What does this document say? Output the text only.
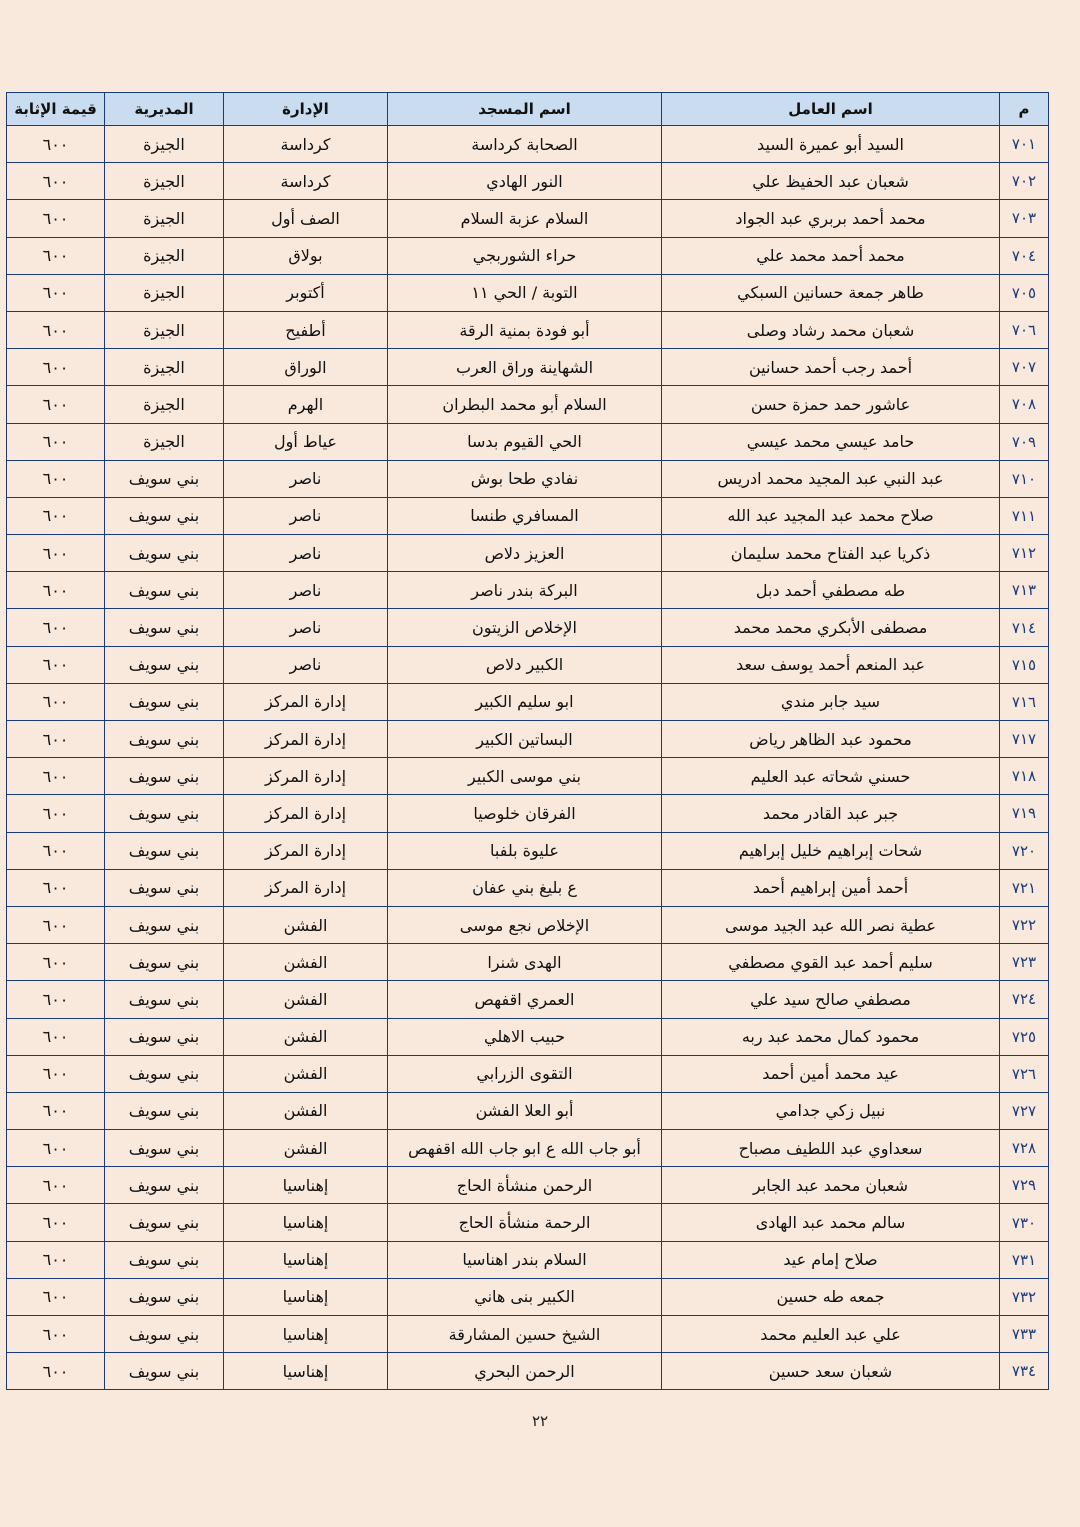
م	اسم العامل	اسم المسجد	الإدارة	المديرية	قيمة الإثابة
٧٠١	السيد أبو عميرة السيد	الصحابة كرداسة	كرداسة	الجيزة	٦٠٠
٧٠٢	شعبان عبد الحفيظ علي	النور الهادي	كرداسة	الجيزة	٦٠٠
٧٠٣	محمد أحمد بربري عبد الجواد	السلام عزبة السلام	الصف أول	الجيزة	٦٠٠
٧٠٤	محمد أحمد محمد علي	حراء الشوربجي	بولاق	الجيزة	٦٠٠
٧٠٥	طاهر جمعة حسانين السبكي	التوبة / الحي ١١	أكتوبر	الجيزة	٦٠٠
٧٠٦	شعبان محمد رشاد وصلى	أبو فودة بمنية الرقة	أطفيح	الجيزة	٦٠٠
٧٠٧	أحمد رجب أحمد حسانين	الشهاينة وراق العرب	الوراق	الجيزة	٦٠٠
٧٠٨	عاشور حمد حمزة حسن	السلام أبو محمد البطران	الهرم	الجيزة	٦٠٠
٧٠٩	حامد عيسي محمد عيسي	الحي القيوم بدسا	عياط أول	الجيزة	٦٠٠
٧١٠	عبد النبي عبد المجيد محمد ادريس	نفادي طحا بوش	ناصر	بني سويف	٦٠٠
٧١١	صلاح محمد عبد المجيد عبد الله	المسافري طنسا	ناصر	بني سويف	٦٠٠
٧١٢	ذكريا عبد الفتاح محمد سليمان	العزيز دلاص	ناصر	بني سويف	٦٠٠
٧١٣	طه مصطفي أحمد دبل	البركة بندر ناصر	ناصر	بني سويف	٦٠٠
٧١٤	مصطفى الأبكري محمد محمد	الإخلاص الزيتون	ناصر	بني سويف	٦٠٠
٧١٥	عبد المنعم أحمد يوسف سعد	الكبير دلاص	ناصر	بني سويف	٦٠٠
٧١٦	سيد جابر مندي	ابو سليم الكبير	إدارة المركز	بني سويف	٦٠٠
٧١٧	محمود عبد الظاهر رياض	البساتين الكبير	إدارة المركز	بني سويف	٦٠٠
٧١٨	حسني شحاته عبد العليم	بني موسى الكبير	إدارة المركز	بني سويف	٦٠٠
٧١٩	جبر عبد القادر محمد	الفرقان خلوصيا	إدارة المركز	بني سويف	٦٠٠
٧٢٠	شحات إبراهيم خليل إبراهيم	عليوة بلفبا	إدارة المركز	بني سويف	٦٠٠
٧٢١	أحمد أمين إبراهيم أحمد	ع بليغ بني عفان	إدارة المركز	بني سويف	٦٠٠
٧٢٢	عطية نصر الله عبد الجيد موسى	الإخلاص نجع موسى	الفشن	بني سويف	٦٠٠
٧٢٣	سليم أحمد عبد القوي مصطفي	الهدى شنرا	الفشن	بني سويف	٦٠٠
٧٢٤	مصطفي صالح سيد علي	العمري اقفهص	الفشن	بني سويف	٦٠٠
٧٢٥	محمود كمال محمد عبد ربه	حبيب الاهلي	الفشن	بني سويف	٦٠٠
٧٢٦	عيد محمد أمين أحمد	التقوى الزرابي	الفشن	بني سويف	٦٠٠
٧٢٧	نبيل زكي جدامي	أبو العلا الفشن	الفشن	بني سويف	٦٠٠
٧٢٨	سعداوي عبد اللطيف مصباح	أبو جاب الله ع ابو جاب الله اقفهص	الفشن	بني سويف	٦٠٠
٧٢٩	شعبان محمد عبد الجابر	الرحمن منشأة الحاج	إهناسيا	بني سويف	٦٠٠
٧٣٠	سالم محمد عبد الهادى	الرحمة منشأة الحاج	إهناسيا	بني سويف	٦٠٠
٧٣١	صلاح إمام عيد	السلام بندر اهناسيا	إهناسيا	بني سويف	٦٠٠
٧٣٢	جمعه طه حسين	الكبير بنى هاني	إهناسيا	بني سويف	٦٠٠
٧٣٣	علي عبد العليم محمد	الشيخ حسين المشارقة	إهناسيا	بني سويف	٦٠٠
٧٣٤	شعبان سعد حسين	الرحمن البحري	إهناسيا	بني سويف	٦٠٠
٢٢
